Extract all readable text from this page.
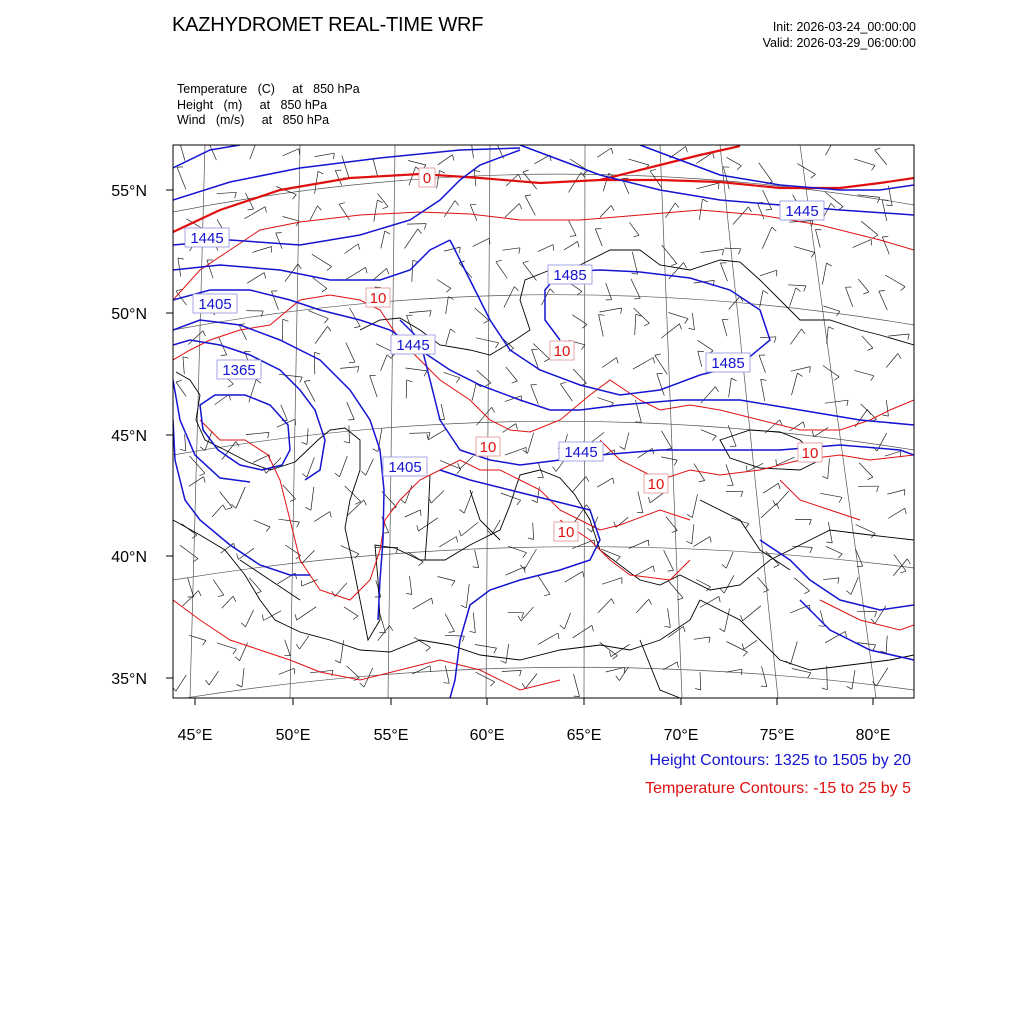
KAZHYDROMET REAL-TIME WRF	Init: 2026-03-24_00:00:00
Valid: 2026-03-29_06:00:00
Temperature   (C)     at   850 hPa
Height   (m)     at   850 hPa
Wind   (m/s)     at   850 hPa
1445
1405
1365
1445
1405
1485
1445
1485
1445
0
10
10
10
10
10
10
55°N
50°N
45°N
40°N
35°N
45°E	50°E	55°E	60°E	65°E	70°E	75°E	80°E
Height Contours: 1325 to 1505 by 20
Temperature Contours: -15 to 25 by 5
